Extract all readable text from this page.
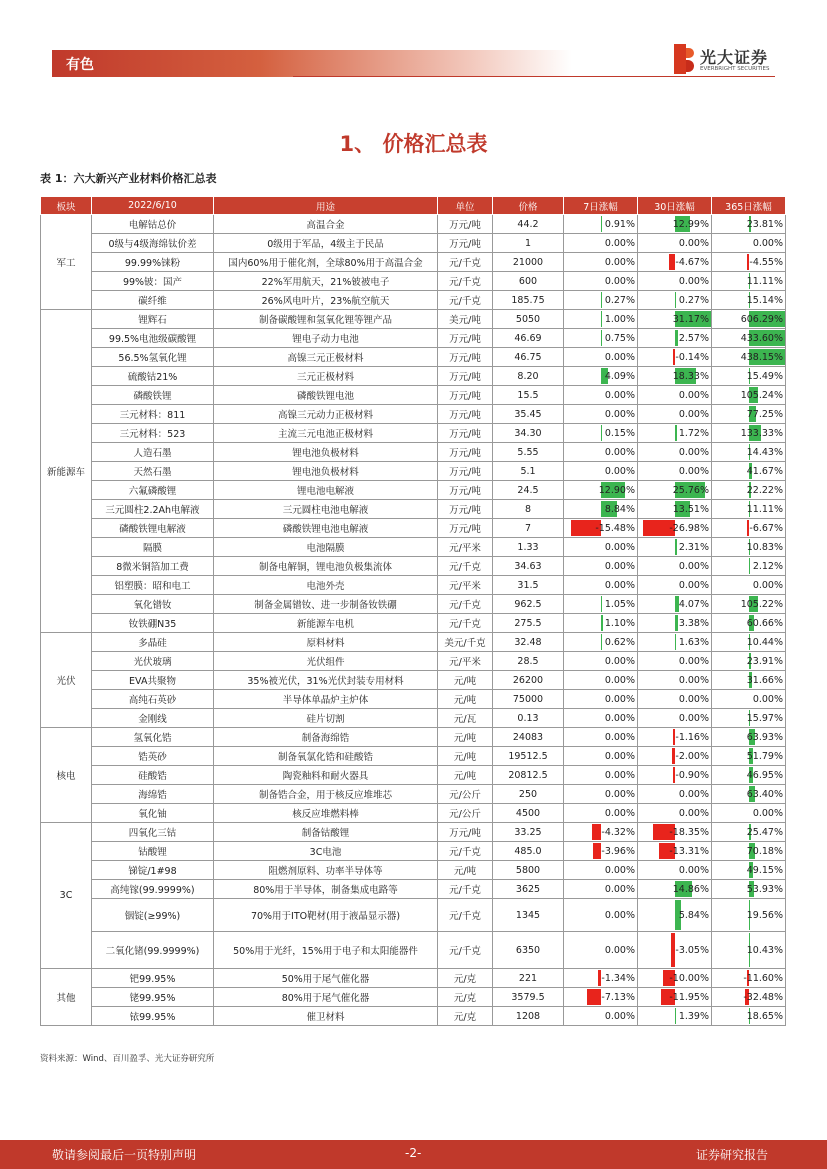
有色	光大证券
EVERBRIGHT SECURITIES
1、 价格汇总表
表 1：六大新兴产业材料价格汇总表
板块	2022/6/10	用途	单位	价格	7日涨幅	30日涨幅	365日涨幅
军工	电解钴总价	高温合金	万元/吨	44.2	0.91%	12.99%	23.81%
	0级与4级海绵钛价差	0级用于军品，4级主于民品	万元/吨	1	0.00%	0.00%	0.00%
	99.99%铼粉	国内60%用于催化剂，全球80%用于高温合金	元/千克	21000	0.00%	-4.67%	-4.55%
	99%铍：国产	22%军用航天，21%铍被电子	元/千克	600	0.00%	0.00%	11.11%
	碳纤维	26%风电叶片，23%航空航天	元/千克	185.75	0.27%	0.27%	15.14%
新能源车	锂辉石	制备碳酸锂和氢氧化锂等锂产品	美元/吨	5050	1.00%	31.17%	606.29%
	99.5%电池级碳酸锂	锂电子动力电池	万元/吨	46.69	0.75%	2.57%	433.60%
	56.5%氢氧化锂	高镍三元正极材料	万元/吨	46.75	0.00%	-0.14%	438.15%
	硫酸钴21%	三元正极材料	万元/吨	8.20	4.09%	18.33%	15.49%
	磷酸铁锂	磷酸铁锂电池	万元/吨	15.5	0.00%	0.00%	105.24%
	三元材料：811	高镍三元动力正极材料	万元/吨	35.45	0.00%	0.00%	77.25%
	三元材料：523	主流三元电池正极材料	万元/吨	34.30	0.15%	1.72%	133.33%
	人造石墨	锂电池负极材料	万元/吨	5.55	0.00%	0.00%	14.43%
	天然石墨	锂电池负极材料	万元/吨	5.1	0.00%	0.00%	41.67%
	六氟磷酸锂	锂电池电解液	万元/吨	24.5	12.90%	25.76%	22.22%
	三元圆柱2.2Ah电解液	三元圆柱电池电解液	万元/吨	8	8.84%	13.51%	11.11%
	磷酸铁锂电解液	磷酸铁锂电池电解液	万元/吨	7	-15.48%	-26.98%	-6.67%
	隔膜	电池隔膜	元/平米	1.33	0.00%	2.31%	10.83%
	8微米铜箔加工费	制备电解铜，锂电池负极集流体	元/千克	34.63	0.00%	0.00%	2.12%
	铝塑膜：昭和电工	电池外壳	元/平米	31.5	0.00%	0.00%	0.00%
	氧化镨钕	制备金属镨钕、进一步制备钕铁硼	元/千克	962.5	1.05%	4.07%	105.22%
	钕铁硼N35	新能源车电机	元/千克	275.5	1.10%	3.38%	60.66%
光伏	多晶硅	原料材料	美元/千克	32.48	0.62%	1.63%	10.44%
	光伏玻璃	光伏组件	元/平米	28.5	0.00%	0.00%	23.91%
	EVA共聚物	35%被光伏，31%光伏封装专用材料	元/吨	26200	0.00%	0.00%	31.66%
	高纯石英砂	半导体单晶炉主炉体	元/吨	75000	0.00%	0.00%	0.00%
	金刚线	硅片切割	元/瓦	0.13	0.00%	0.00%	15.97%
核电	氢氧化锆	制备海绵锆	元/吨	24083	0.00%	-1.16%	63.93%
	锆英砂	制备氧氯化锆和硅酸锆	元/吨	19512.5	0.00%	-2.00%	51.79%
	硅酸锆	陶瓷釉料和耐火器具	元/吨	20812.5	0.00%	-0.90%	46.95%
	海绵锆	制备锆合金，用于核反应堆堆芯	元/公斤	250	0.00%	0.00%	63.40%
	氧化铀	核反应堆燃料棒	元/公斤	4500	0.00%	0.00%	0.00%
3C	四氧化三钴	制备钴酸锂	万元/吨	33.25	-4.32%	-18.35%	25.47%
	钴酸锂	3C电池	元/千克	485.0	-3.96%	-13.31%	70.18%
	锑锭/1#98	阻燃剂原料、功率半导体等	元/吨	5800	0.00%	0.00%	49.15%
	高纯镓(99.9999%)	80%用于半导体，制备集成电路等	元/千克	3625	0.00%	14.86%	53.93%
	铟锭(≥99%)	70%用于ITO靶材(用于液晶显示器)	元/千克	1345	0.00%	5.84%	19.56%
	二氧化锗(99.9999%)	50%用于光纤，15%用于电子和太阳能器件	元/千克	6350	0.00%	-3.05%	10.43%
其他	钯99.95%	50%用于尾气催化器	元/克	221	-1.34%	-10.00%	-11.60%
	铑99.95%	80%用于尾气催化器	元/克	3579.5	-7.13%	-11.95%	-32.48%
	铱99.95%	催卫材料	元/克	1208	0.00%	1.39%	18.65%
资料来源：Wind、百川盈孚、光大证券研究所
敬请参阅最后一页特别声明	-2-	证券研究报告
